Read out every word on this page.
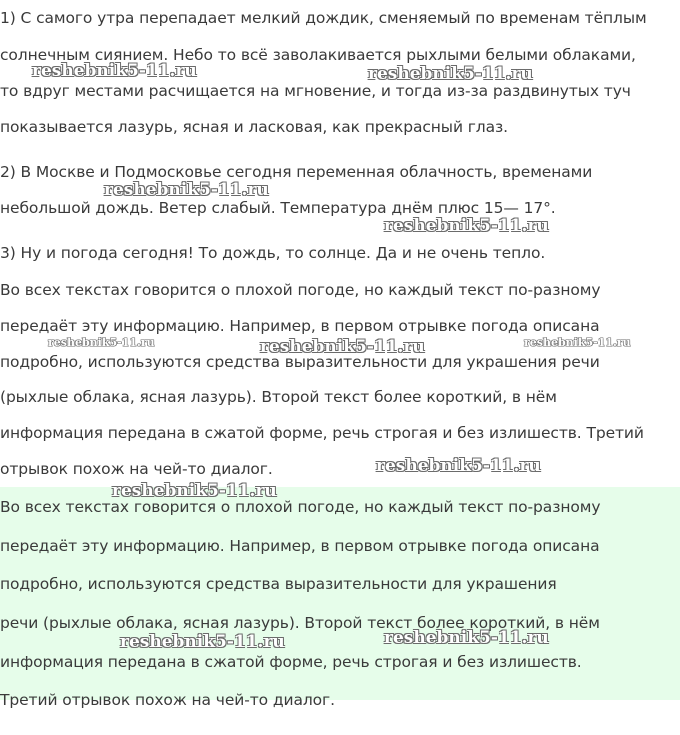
1) С самого утра перепадает мелкий дождик, сменяемый по временам тёплым

солнечным сиянием. Небо то всё заволакивается рыхлыми белыми облаками,

то вдруг местами расчищается на мгновение, и тогда из-за раздвинутых туч

показывается лазурь, ясная и ласковая, как прекрасный глаз.

2) В Москве и Подмосковье сегодня переменная облачность, временами

небольшой дождь. Ветер слабый. Температура днём плюс 15— 17°.

3) Ну и погода сегодня! То дождь, то солнце. Да и не очень тепло.

Во всех текстах говорится о плохой погоде, но каждый текст по-разному

передаёт эту информацию. Например, в первом отрывке погода описана

подробно, используются средства выразительности для украшения речи

(рыхлые облака, ясная лазурь). Второй текст более короткий, в нём

информация передана в сжатой форме, речь строгая и без излишеств. Третий

отрывок похож на чей-то диалог.

Во всех текстах говорится о плохой погоде, но каждый текст по-разному

передаёт эту информацию. Например, в первом отрывке погода описана

подробно, используются средства выразительности для украшения

речи (рыхлые облака, ясная лазурь). Второй текст более короткий, в нём

информация передана в сжатой форме, речь строгая и без излишеств.

Третий отрывок похож на чей-то диалог.

reshebnik5-11.ru	reshebnik5-11.ru
reshebnik5-11.ru
reshebnik5-11.ru
reshebnik5-11.ru	reshebnik5-11.ru	reshebnik5-11.ru
reshebnik5-11.ru
reshebnik5-11.ru
reshebnik5-11.ru	reshebnik5-11.ru
